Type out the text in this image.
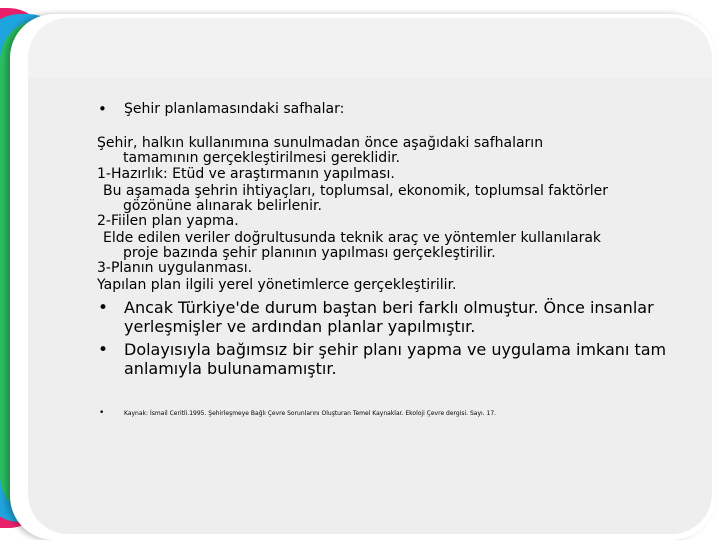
• Şehir planlamasındaki safhalar:
Şehir, halkın kullanımına sunulmadan önce aşağıdaki safhaların
tamamının gerçekleştirilmesi gereklidir.
1-Hazırlık: Etüd ve araştırmanın yapılması.
Bu aşamada şehrin ihtiyaçları, toplumsal, ekonomik, toplumsal faktörler
gözönüne alınarak belirlenir.
2-Fiilen plan yapma.
Elde edilen veriler doğrultusunda teknik araç ve yöntemler kullanılarak
proje bazında şehir planının yapılması gerçekleştirilir.
3-Planın uygulanması.
Yapılan plan ilgili yerel yönetimlerce gerçekleştirilir.
• Ancak Türkiye'de durum baştan beri farklı olmuştur. Önce insanlar
yerleşmişler ve ardından planlar yapılmıştır.
• Dolayısıyla bağımsız bir şehir planı yapma ve uygulama imkanı tam
anlamıyla bulunamamıştır.
•	Kaynak: İsmail Ceritli.1995. Şehirleşmeye Bağlı Çevre Sorunlarını Oluşturan Temel Kaynaklar. Ekoloji Çevre dergisi. Sayı. 17.
